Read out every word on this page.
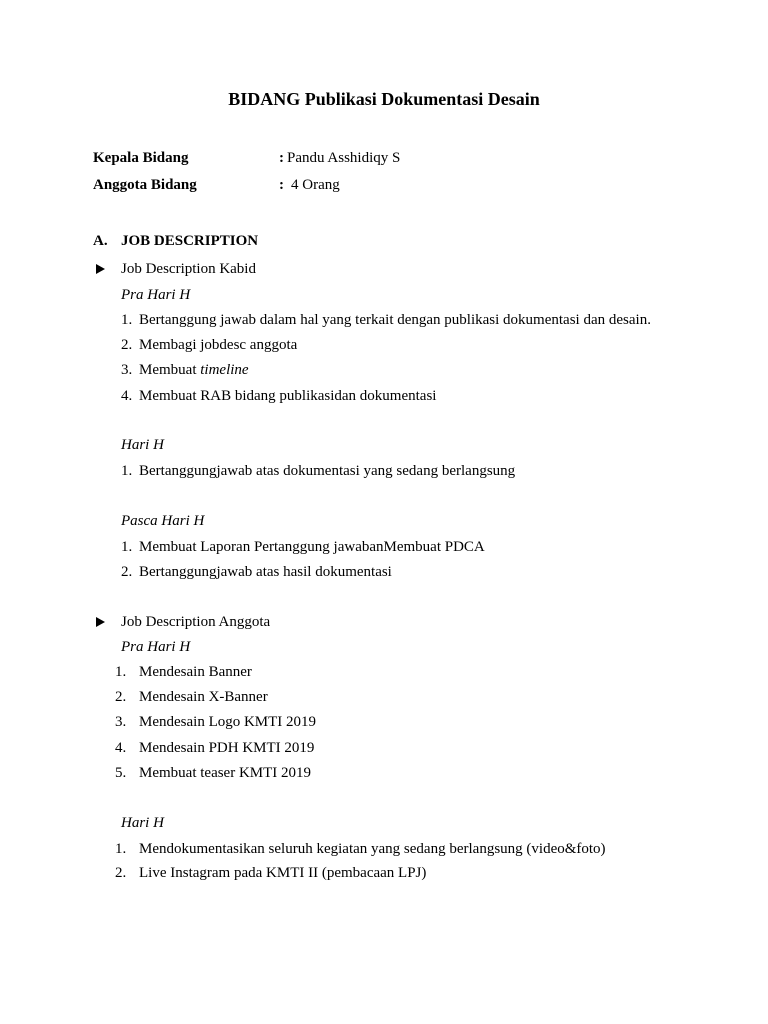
BIDANG Publikasi Dokumentasi Desain
Kepala Bidang	: Pandu Asshidiqy S
Anggota Bidang	: 4 Orang
A. JOB DESCRIPTION
Job Description Kabid
Pra Hari H
1. Bertanggung jawab dalam hal yang terkait dengan publikasi dokumentasi dan desain.
2. Membagi jobdesc anggota
3. Membuat timeline
4. Membuat RAB bidang publikasidan dokumentasi
Hari H
1. Bertanggungjawab atas dokumentasi yang sedang berlangsung
Pasca Hari H
1. Membuat Laporan Pertanggung jawabanMembuat PDCA
2. Bertanggungjawab atas hasil dokumentasi
Job Description Anggota
Pra Hari H
1. Mendesain Banner
2. Mendesain X-Banner
3. Mendesain Logo KMTI 2019
4. Mendesain PDH KMTI 2019
5. Membuat teaser KMTI 2019
Hari H
1. Mendokumentasikan seluruh kegiatan yang sedang berlangsung (video&foto)
2. Live Instagram pada KMTI II (pembacaan LPJ)
